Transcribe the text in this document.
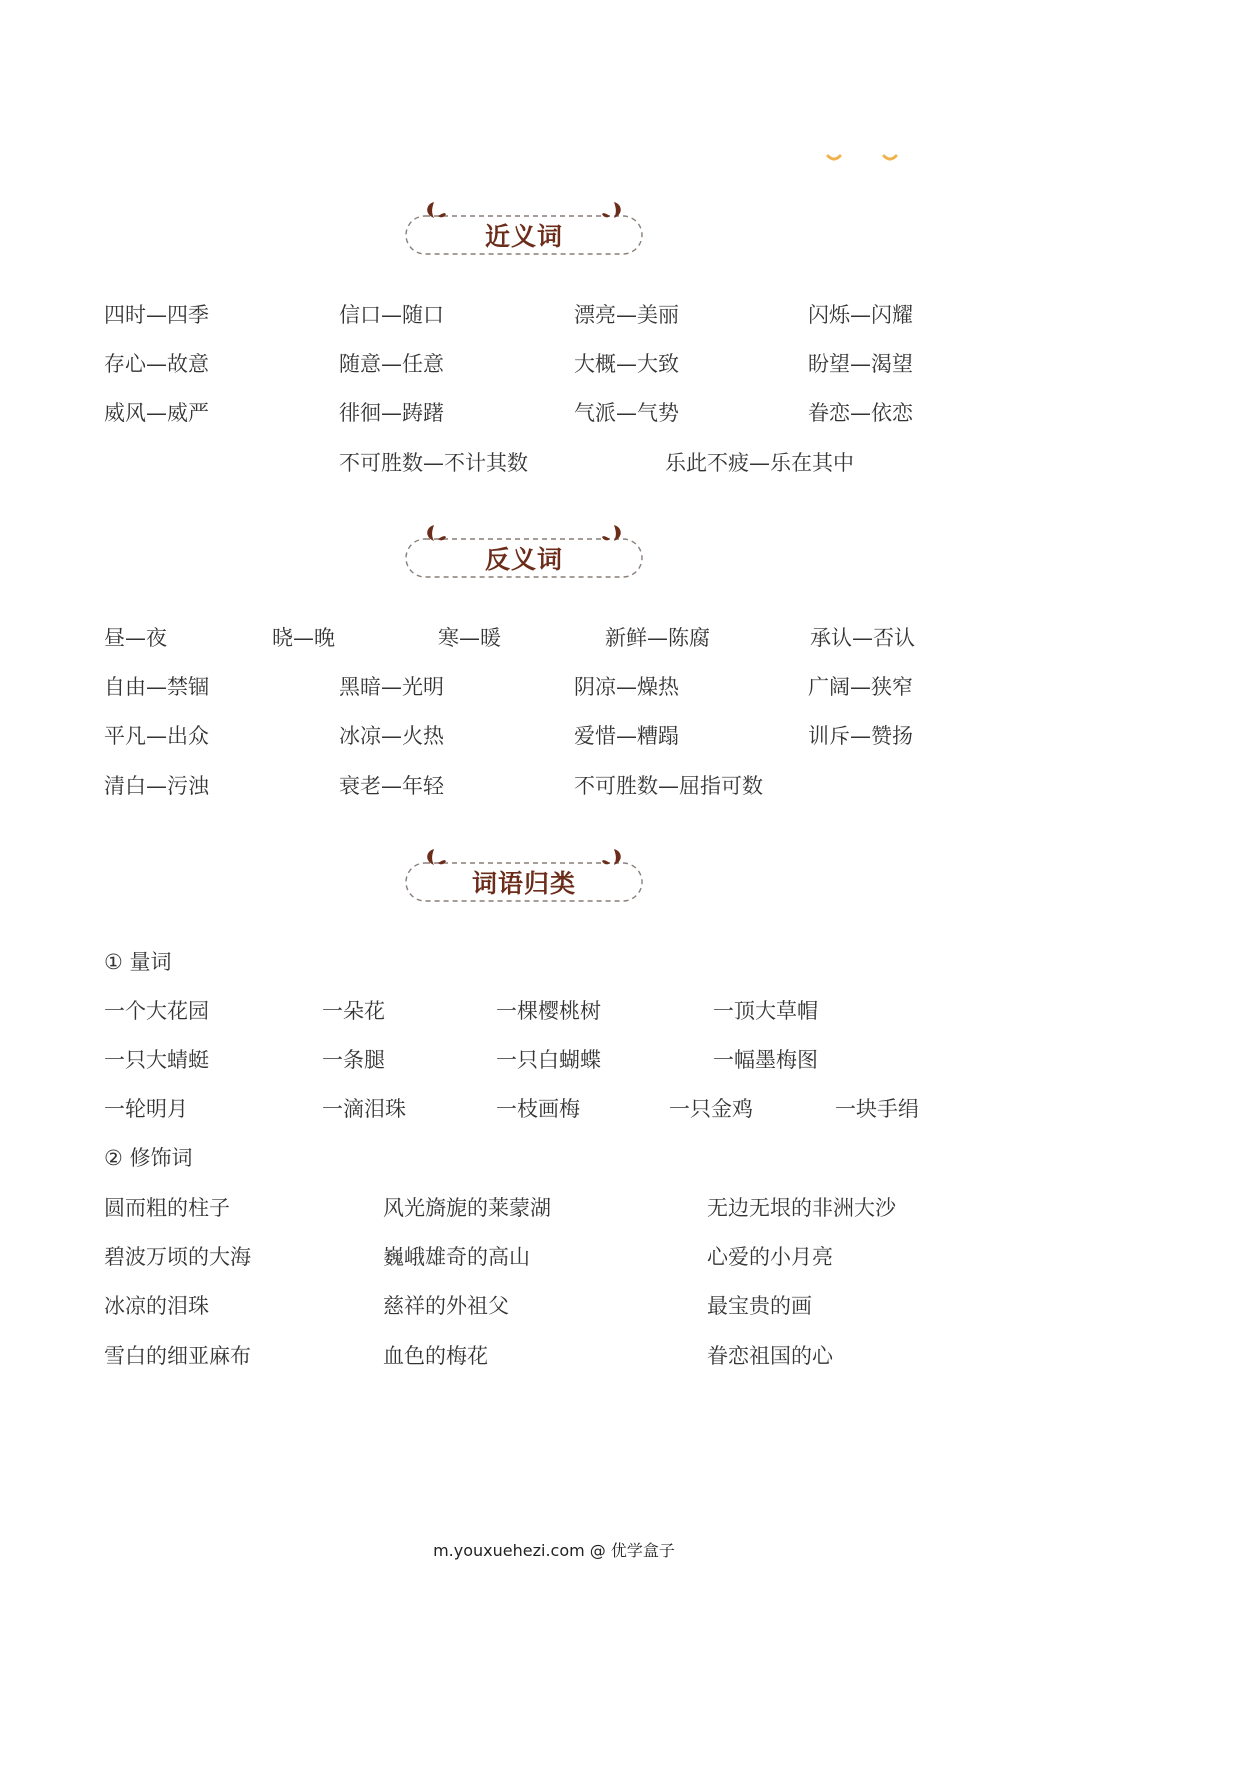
近义词
四时—四季	信口—随口	漂亮—美丽	闪烁—闪耀
存心—故意	随意—任意	大概—大致	盼望—渴望
威风—威严	徘徊—踌躇	气派—气势	眷恋—依恋
不可胜数—不计其数	乐此不疲—乐在其中
反义词
昼—夜	晓—晚	寒—暖	新鲜—陈腐	承认—否认
自由—禁锢	黑暗—光明	阴凉—燥热	广阔—狭窄
平凡—出众	冰凉—火热	爱惜—糟蹋	训斥—赞扬
清白—污浊	衰老—年轻	不可胜数—屈指可数
词语归类
① 量词
一个大花园	一朵花	一棵樱桃树	一顶大草帽
一只大蜻蜓	一条腿	一只白蝴蝶	一幅墨梅图
一轮明月	一滴泪珠	一枝画梅	一只金鸡	一块手绢
② 修饰词
圆而粗的柱子	风光旖旎的莱蒙湖	无边无垠的非洲大沙
碧波万顷的大海	巍峨雄奇的高山	心爱的小月亮
冰凉的泪珠	慈祥的外祖父	最宝贵的画
雪白的细亚麻布	血色的梅花	眷恋祖国的心
m.youxuehezi.com @ 优学盒子
